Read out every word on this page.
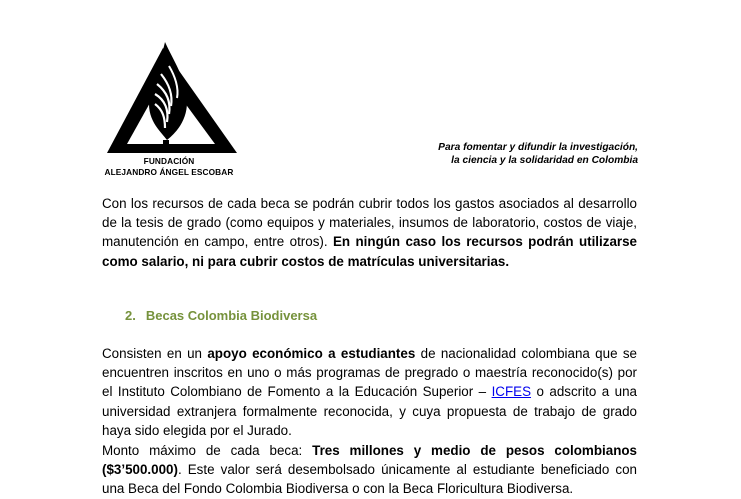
FUNDACIÓN
ALEJANDRO ÁNGEL ESCOBAR
Para fomentar y difundir la investigación,
la ciencia y la solidaridad en Colombia
Con los recursos de cada beca se podrán cubrir todos los gastos asociados al desarrollo de la tesis de grado (como equipos y materiales, insumos de laboratorio, costos de viaje, manutención en campo, entre otros). En ningún caso los recursos podrán utilizarse como salario, ni para cubrir costos de matrículas universitarias.
2. Becas Colombia Biodiversa
Consisten en un apoyo económico a estudiantes de nacionalidad colombiana que se encuentren inscritos en uno o más programas de pregrado o maestría reconocido(s) por el Instituto Colombiano de Fomento a la Educación Superior – ICFES o adscrito a una universidad extranjera formalmente reconocida, y cuya propuesta de trabajo de grado haya sido elegida por el Jurado.
Monto máximo de cada beca: Tres millones y medio de pesos colombianos ($3’500.000). Este valor será desembolsado únicamente al estudiante beneficiado con una Beca del Fondo Colombia Biodiversa o con la Beca Floricultura Biodiversa.
